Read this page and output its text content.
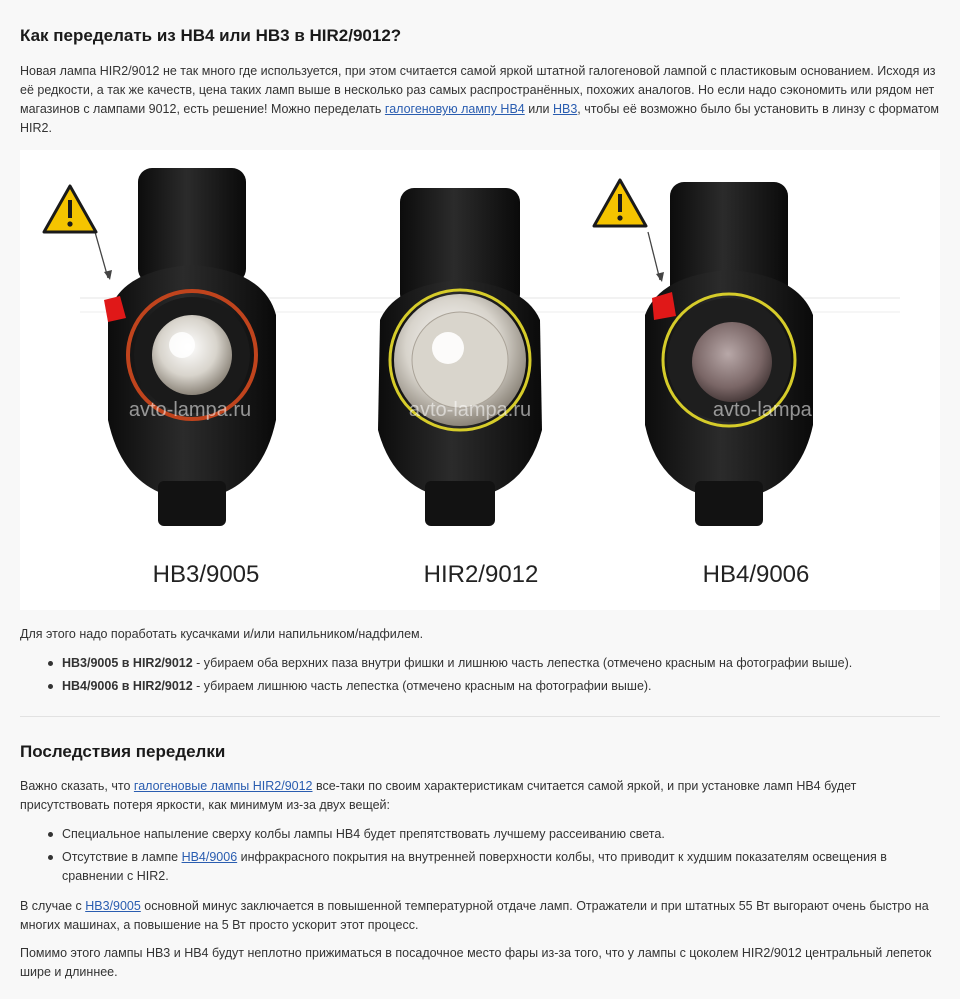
Как переделать из HB4 или HB3 в HIR2/9012?

Новая лампа HIR2/9012 не так много где используется, при этом считается самой яркой штатной галогеновой лампой с пластиковым основанием. Исходя из её редкости, а так же качеств, цена таких ламп выше в несколько раз самых распространённых, похожих аналогов. Но если надо сэкономить или рядом нет магазинов с лампами 9012, есть решение! Можно переделать галогеновую лампу HB4 или HB3, чтобы её возможно было бы установить в линзу с форматом HIR2.

avto-lampa.ru	avto-lampa.ru	avto-lampa.ru
HB3/9005	HIR2/9012	HB4/9006

Для этого надо поработать кусачками и/или напильником/надфилем.

HB3/9005 в HIR2/9012 - убираем оба верхних паза внутри фишки и лишнюю часть лепестка (отмечено красным на фотографии выше).
HB4/9006 в HIR2/9012 - убираем лишнюю часть лепестка (отмечено красным на фотографии выше).
Последствия переделки

Важно сказать, что галогеновые лампы HIR2/9012 все-таки по своим характеристикам считается самой яркой, и при установке ламп HB4 будет присутствовать потеря яркости, как минимум из-за двух вещей:

Специальное напыление сверху колбы лампы HB4 будет препятствовать лучшему рассеиванию света.
Отсутствие в лампе HB4/9006 инфракрасного покрытия на внутренней поверхности колбы, что приводит к худшим показателям освещения в сравнении с HIR2.

В случае с HB3/9005 основной минус заключается в повышенной температурной отдаче ламп. Отражатели и при штатных 55 Вт выгорают очень быстро на многих машинах, а повышение на 5 Вт просто ускорит этот процесс.

Помимо этого лампы HB3 и HB4 будут неплотно прижиматься в посадочное место фары из-за того, что у лампы с цоколем HIR2/9012 центральный лепеток шире и длиннее.
